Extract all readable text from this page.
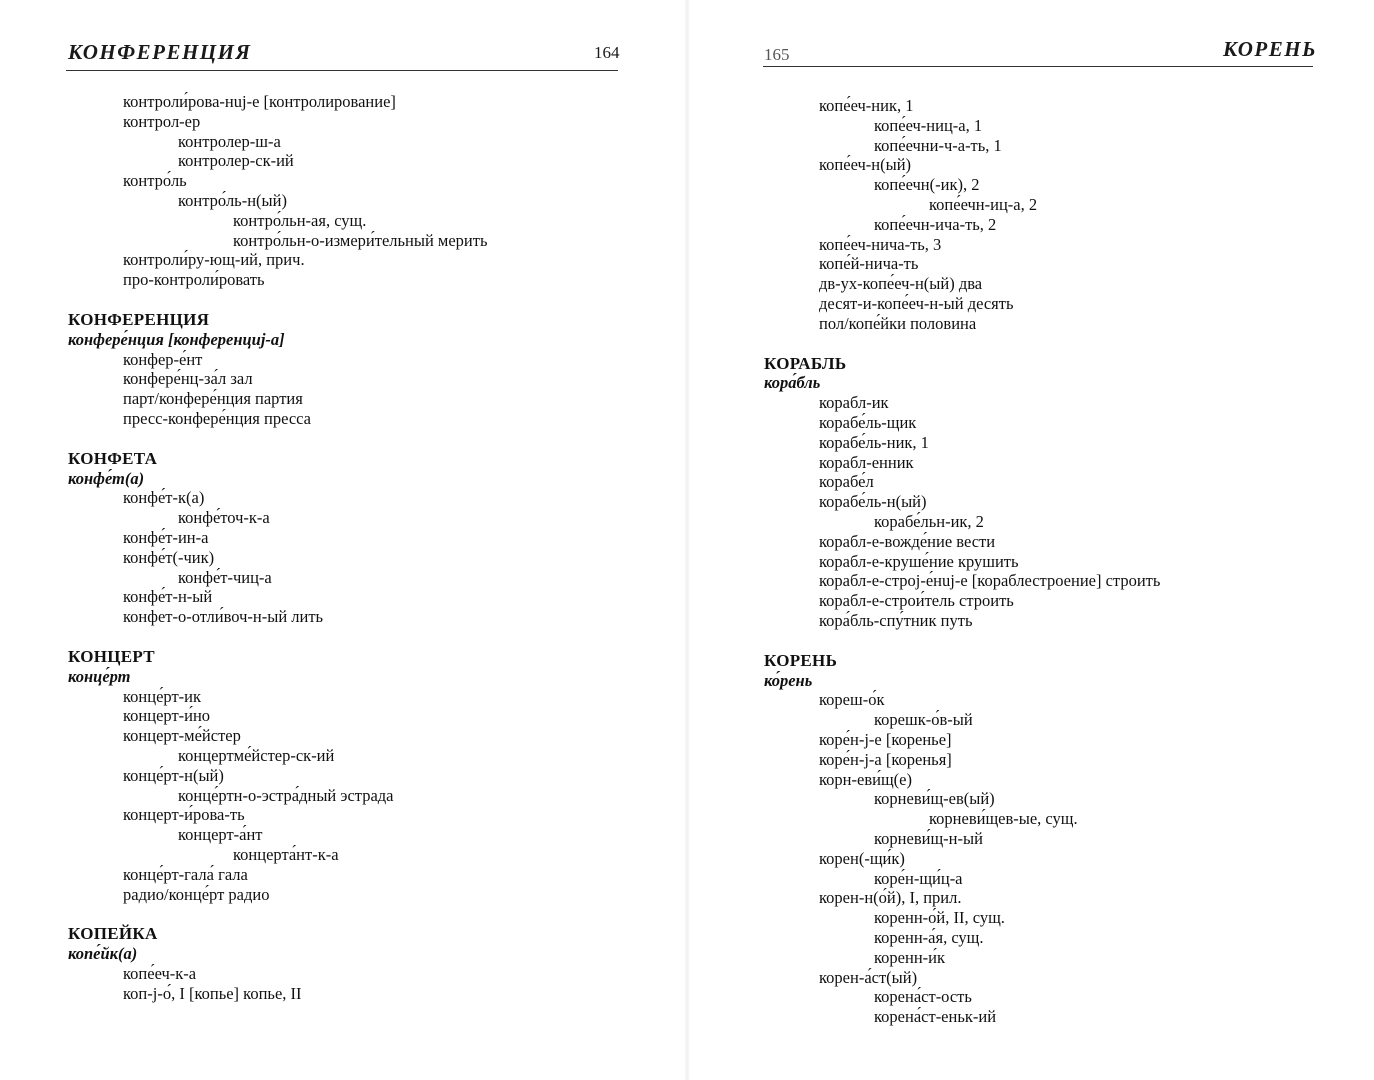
КОНФЕРЕНЦИЯ	164
контроли́рова-нuj-е [контролирование]
контрол-ер
контролер-ш-а
контролер-ск-ий
контро́ль
контро́ль-н(ый)
контро́льн-ая, сущ.
контро́льн-о-измери́тельный мерить
контроли́ру-ющ-ий, прич.
про-контроли́ровать
КОНФЕРЕНЦИЯ
конфере́нция [конференциj-а]
конфер-е́нт
конфере́нц-за́л зал
парт/конфере́нция партия
пресс-конфере́нция пресса
КОНФЕТА
конфе́т(а)
конфе́т-к(а)
конфе́точ-к-а
конфе́т-ин-а
конфе́т(-чик)
конфе́т-чиц-а
конфе́т-н-ый
конфет-о-отли́воч-н-ый лить
КОНЦЕРТ
конце́рт
конце́рт-ик
концерт-и́но
концерт-ме́йстер
концертме́йстер-ск-ий
конце́рт-н(ый)
конце́ртн-о-эстра́дный эстрада
концерт-и́рова-ть
концерт-а́нт
концерта́нт-к-а
конце́рт-гала́ гала
радио/конце́рт радио
КОПЕЙКА
копе́йк(а)
копе́еч-к-а
коп-j-о́, I [копье] копье, II
165	КОРЕНЬ
копе́еч-ник, 1
копе́еч-ниц-а, 1
копе́ечни-ч-а-ть, 1
копе́еч-н(ый)
копе́ечн(-ик), 2
копе́ечн-иц-а, 2
копе́ечн-ича-ть, 2
копе́еч-нича-ть, 3
копе́й-нича-ть
дв-ух-копе́еч-н(ый) два
десят-и-копе́еч-н-ый десять
пол/копе́йки половина
КОРАБЛЬ
кора́бль
корабл-ик
корабе́ль-щик
корабе́ль-ник, 1
корабл-енник
корабе́л
корабе́ль-н(ый)
корабе́льн-ик, 2
корабл-е-вожде́ние вести
корабл-е-круше́ние крушить
корабл-е-строj-е́нuj-е [кораблестроение] строить
корабл-е-строи́тель строить
кора́бль-спу́тник путь
КОРЕНЬ
ко́рень
кореш-о́к
корешк-о́в-ый
коре́н-j-е [коренье]
коре́н-j-а [коренья]
корн-еви́щ(е)
корневи́щ-ев(ый)
корневи́щев-ые, сущ.
корневи́щ-н-ый
корен(-щи́к)
коре́н-щи́ц-а
корен-н(о́й), I, прил.
коренн-о́й, II, сущ.
коренн-а́я, сущ.
коренн-и́к
корен-а́ст(ый)
корена́ст-ость
корена́ст-еньк-ий
